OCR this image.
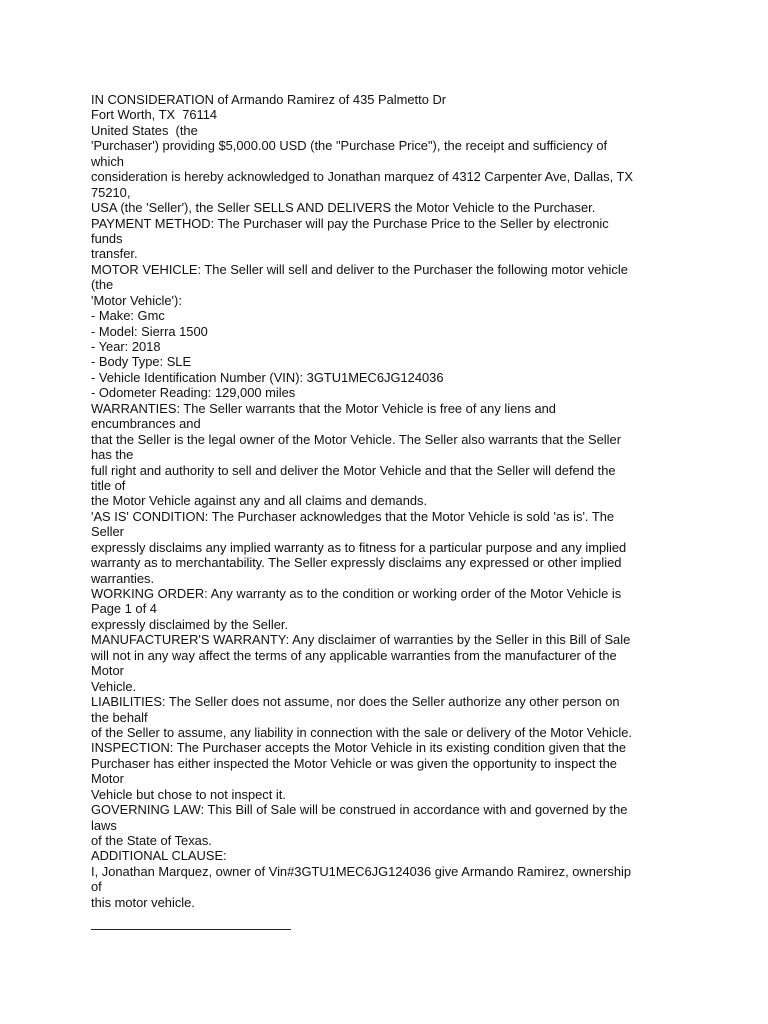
IN CONSIDERATION of Armando Ramirez of 435 Palmetto Dr
Fort Worth, TX  76114
United States  (the
'Purchaser') providing $5,000.00 USD (the "Purchase Price"), the receipt and sufficiency of
which
consideration is hereby acknowledged to Jonathan marquez of 4312 Carpenter Ave, Dallas, TX
75210,
USA (the 'Seller'), the Seller SELLS AND DELIVERS the Motor Vehicle to the Purchaser.
PAYMENT METHOD: The Purchaser will pay the Purchase Price to the Seller by electronic
funds
transfer.
MOTOR VEHICLE: The Seller will sell and deliver to the Purchaser the following motor vehicle
(the
'Motor Vehicle'):
- Make: Gmc
- Model: Sierra 1500
- Year: 2018
- Body Type: SLE
- Vehicle Identification Number (VIN): 3GTU1MEC6JG124036
- Odometer Reading: 129,000 miles
WARRANTIES: The Seller warrants that the Motor Vehicle is free of any liens and
encumbrances and
that the Seller is the legal owner of the Motor Vehicle. The Seller also warrants that the Seller
has the
full right and authority to sell and deliver the Motor Vehicle and that the Seller will defend the
title of
the Motor Vehicle against any and all claims and demands.
'AS IS' CONDITION: The Purchaser acknowledges that the Motor Vehicle is sold 'as is'. The
Seller
expressly disclaims any implied warranty as to fitness for a particular purpose and any implied
warranty as to merchantability. The Seller expressly disclaims any expressed or other implied
warranties.
WORKING ORDER: Any warranty as to the condition or working order of the Motor Vehicle is
Page 1 of 4
expressly disclaimed by the Seller.
MANUFACTURER'S WARRANTY: Any disclaimer of warranties by the Seller in this Bill of Sale
will not in any way affect the terms of any applicable warranties from the manufacturer of the
Motor
Vehicle.
LIABILITIES: The Seller does not assume, nor does the Seller authorize any other person on
the behalf
of the Seller to assume, any liability in connection with the sale or delivery of the Motor Vehicle.
INSPECTION: The Purchaser accepts the Motor Vehicle in its existing condition given that the
Purchaser has either inspected the Motor Vehicle or was given the opportunity to inspect the
Motor
Vehicle but chose to not inspect it.
GOVERNING LAW: This Bill of Sale will be construed in accordance with and governed by the
laws
of the State of Texas.
ADDITIONAL CLAUSE:
I, Jonathan Marquez, owner of Vin#3GTU1MEC6JG124036 give Armando Ramirez, ownership
of
this motor vehicle.
